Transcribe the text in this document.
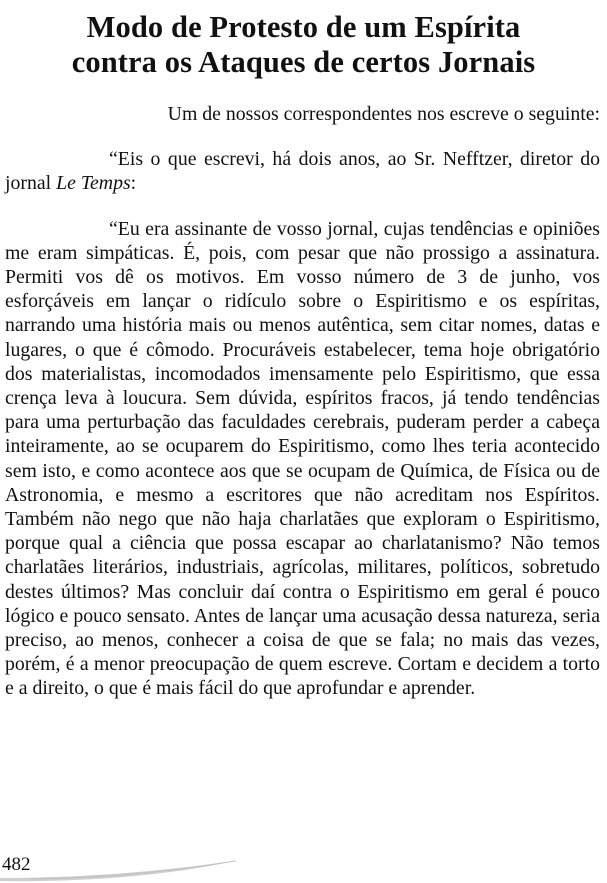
Modo de Protesto de um Espírita
contra os Ataques de certos Jornais

Um de nossos correspondentes nos escreve o seguinte:

“Eis o que escrevi, há dois anos, ao Sr. Nefftzer, diretor do jornal Le Temps:

“Eu era assinante de vosso jornal, cujas tendências e opiniões me eram simpáticas. É, pois, com pesar que não prossigo a assinatura. Permiti vos dê os motivos. Em vosso número de 3 de junho, vos esforçáveis em lançar o ridículo sobre o Espiritismo e os espíritas, narrando uma história mais ou menos autêntica, sem citar nomes, datas e lugares, o que é cômodo. Procuráveis estabelecer, tema hoje obrigatório dos materialistas, incomodados imensamente pelo Espiritismo, que essa crença leva à loucura. Sem dúvida, espíritos fracos, já tendo tendências para uma perturbação das faculdades cerebrais, puderam perder a cabeça inteiramente, ao se ocuparem do Espiritismo, como lhes teria acontecido sem isto, e como acontece aos que se ocupam de Química, de Física ou de Astronomia, e mesmo a escritores que não acreditam nos Espíritos. Também não nego que não haja charlatães que exploram o Espiritismo, porque qual a ciência que possa escapar ao charlatanismo? Não temos charlatães literários, industriais, agrícolas, militares, políticos, sobretudo destes últimos? Mas concluir daí contra o Espiritismo em geral é pouco lógico e pouco sensato. Antes de lançar uma acusação dessa natureza, seria preciso, ao menos, conhecer a coisa de que se fala; no mais das vezes, porém, é a menor preocupação de quem escreve. Cortam e decidem a torto e a direito, o que é mais fácil do que aprofundar e aprender.

482
